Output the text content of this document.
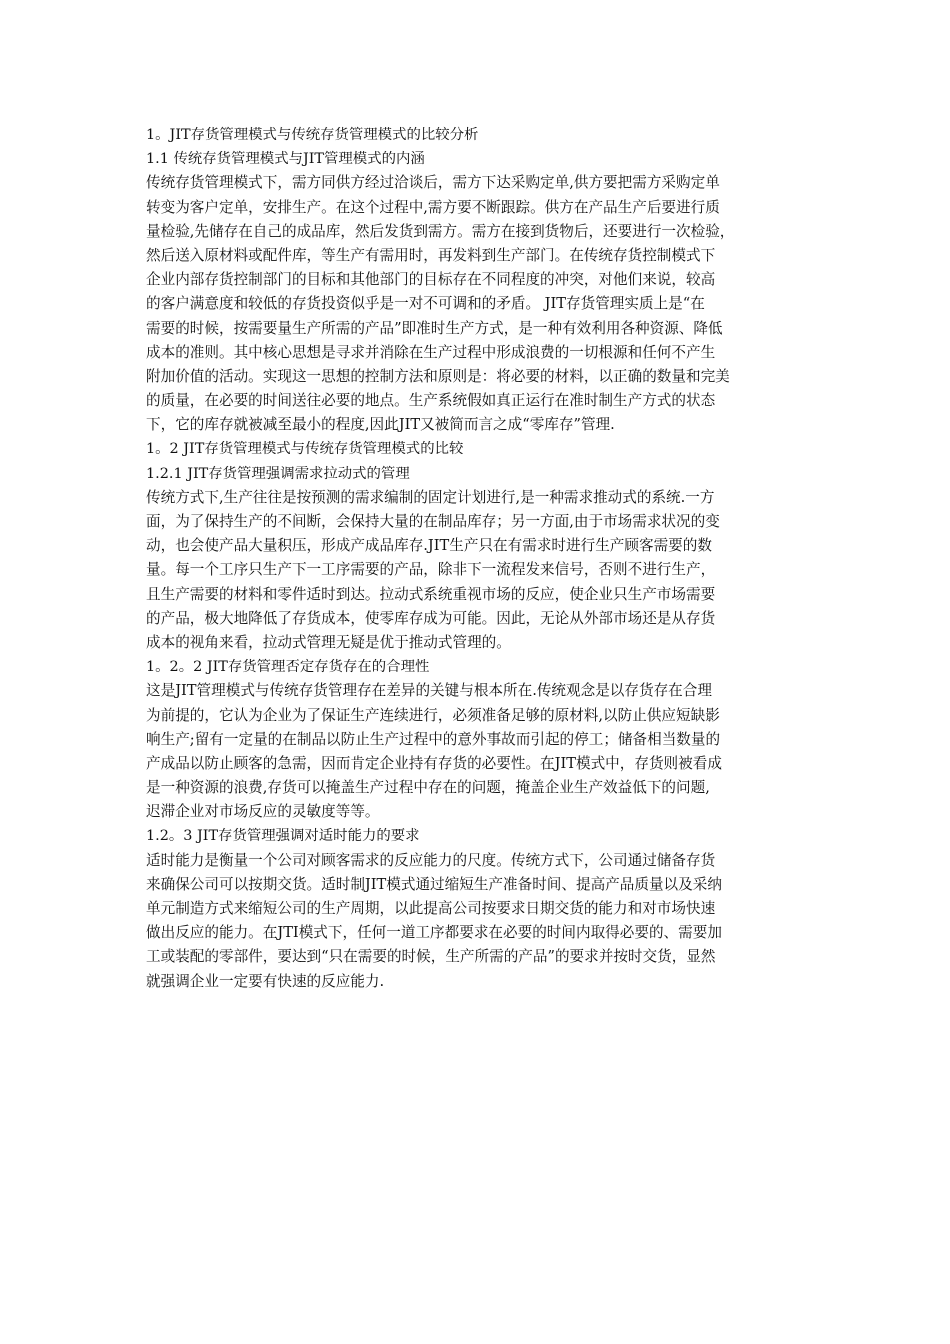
1。JIT存货管理模式与传统存货管理模式的比较分析
1.1 传统存货管理模式与JIT管理模式的内涵
传统存货管理模式下，需方同供方经过洽谈后，需方下达采购定单,供方要把需方采购定单
转变为客户定单，安排生产。在这个过程中,需方要不断跟踪。供方在产品生产后要进行质
量检验,先储存在自己的成品库，然后发货到需方。需方在接到货物后，还要进行一次检验，
然后送入原材料或配件库，等生产有需用时，再发料到生产部门。在传统存货控制模式下
企业内部存货控制部门的目标和其他部门的目标存在不同程度的冲突，对他们来说，较高
的客户满意度和较低的存货投资似乎是一对不可调和的矛盾。 JIT存货管理实质上是“在
需要的时候，按需要量生产所需的产品”即准时生产方式，是一种有效利用各种资源、降低
成本的准则。其中核心思想是寻求并消除在生产过程中形成浪费的一切根源和任何不产生
附加价值的活动。实现这一思想的控制方法和原则是：将必要的材料，以正确的数量和完美
的质量，在必要的时间送往必要的地点。生产系统假如真正运行在准时制生产方式的状态
下，它的库存就被减至最小的程度,因此JIT又被简而言之成“零库存”管理.
1。2 JIT存货管理模式与传统存货管理模式的比较
1.2.1 JIT存货管理强调需求拉动式的管理
传统方式下,生产往往是按预测的需求编制的固定计划进行,是一种需求推动式的系统.一方
面，为了保持生产的不间断，会保持大量的在制品库存；另一方面,由于市场需求状况的变
动，也会使产品大量积压，形成产成品库存.JIT生产只在有需求时进行生产顾客需要的数
量。每一个工序只生产下一工序需要的产品，除非下一流程发来信号，否则不进行生产，
且生产需要的材料和零件适时到达。拉动式系统重视市场的反应，使企业只生产市场需要
的产品，极大地降低了存货成本，使零库存成为可能。因此，无论从外部市场还是从存货
成本的视角来看，拉动式管理无疑是优于推动式管理的。
1。2。2 JIT存货管理否定存货存在的合理性
这是JIT管理模式与传统存货管理存在差异的关键与根本所在.传统观念是以存货存在合理
为前提的，它认为企业为了保证生产连续进行，必须准备足够的原材料,以防止供应短缺影
响生产;留有一定量的在制品以防止生产过程中的意外事故而引起的停工；储备相当数量的
产成品以防止顾客的急需，因而肯定企业持有存货的必要性。在JIT模式中，存货则被看成
是一种资源的浪费,存货可以掩盖生产过程中存在的问题，掩盖企业生产效益低下的问题,
迟滞企业对市场反应的灵敏度等等。
1.2。3 JIT存货管理强调对适时能力的要求
适时能力是衡量一个公司对顾客需求的反应能力的尺度。传统方式下，公司通过储备存货
来确保公司可以按期交货。适时制JIT模式通过缩短生产准备时间、提高产品质量以及采纳
单元制造方式来缩短公司的生产周期，以此提高公司按要求日期交货的能力和对市场快速
做出反应的能力。在JTI模式下，任何一道工序都要求在必要的时间内取得必要的、需要加
工或装配的零部件，要达到“只在需要的时候，生产所需的产品”的要求并按时交货，显然
就强调企业一定要有快速的反应能力.
